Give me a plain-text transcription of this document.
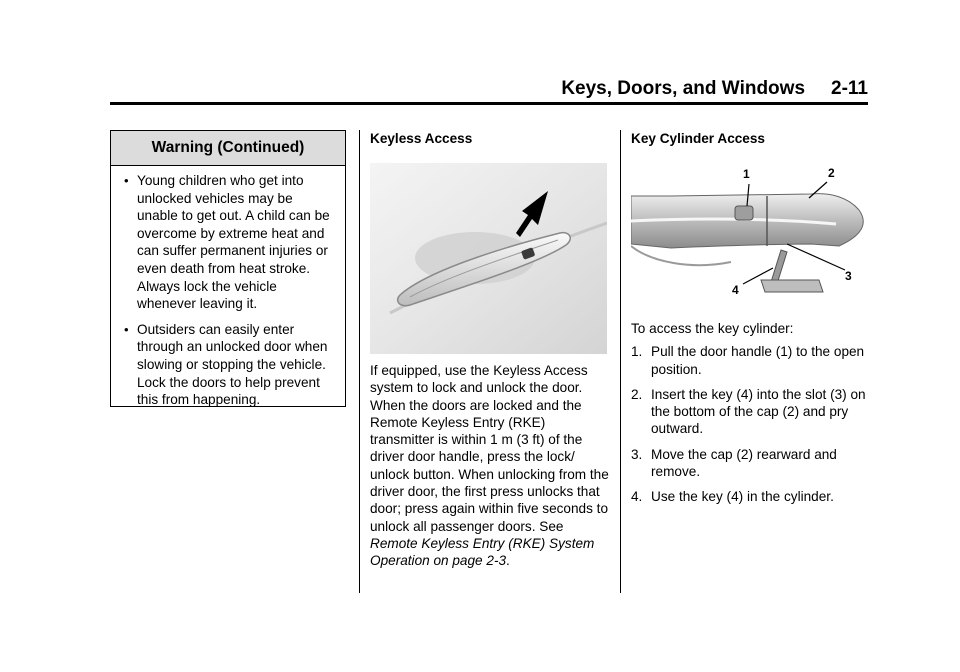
Keys, Doors, and Windows 2-11
Warning (Continued)
• Young children who get into unlocked vehicles may be unable to get out. A child can be overcome by extreme heat and can suffer permanent injuries or even death from heat stroke. Always lock the vehicle whenever leaving it.
• Outsiders can easily enter through an unlocked door when slowing or stopping the vehicle. Lock the doors to help prevent this from happening.
Keyless Access
If equipped, use the Keyless Access system to lock and unlock the door. When the doors are locked and the Remote Keyless Entry (RKE) transmitter is within 1 m (3 ft) of the driver door handle, press the lock/ unlock button. When unlocking from the driver door, the first press unlocks that door; press again within five seconds to unlock all passenger doors. See Remote Keyless Entry (RKE) System Operation on page 2-3.
Key Cylinder Access
To access the key cylinder:
1. Pull the door handle (1) to the open position.
2. Insert the key (4) into the slot (3) on the bottom of the cap (2) and pry outward.
3. Move the cap (2) rearward and remove.
4. Use the key (4) in the cylinder.
1	2
3
4
